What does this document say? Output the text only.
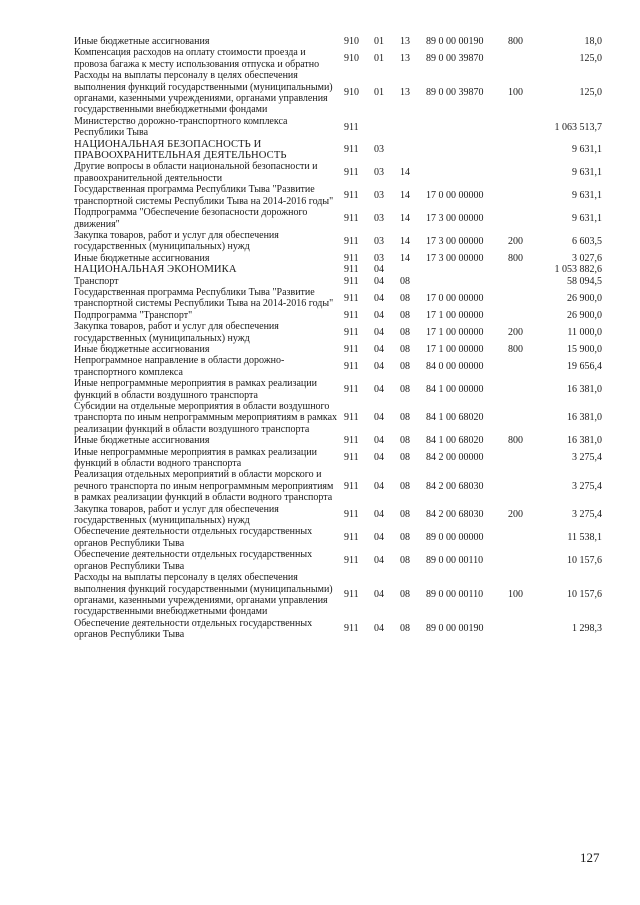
Иные бюджетные ассигнования	910	01	13	89 0 00 00190	800	18,0
Компенсация расходов на оплату стоимости проезда и провоза багажа к месту использования отпуска и обратно	910	01	13	89 0 00 39870		125,0
Расходы на выплаты персоналу в целях обеспечения выполнения функций государственными (муниципальными) органами, казенными учреждениями, органами управления государственными внебюджетными фондами	910	01	13	89 0 00 39870	100	125,0
Министерство дорожно-транспортного комплекса Республики Тыва	911					1 063 513,7
НАЦИОНАЛЬНАЯ БЕЗОПАСНОСТЬ И ПРАВООХРАНИТЕЛЬНАЯ ДЕЯТЕЛЬНОСТЬ	911	03				9 631,1
Другие вопросы в области национальной безопасности и правоохранительной деятельности	911	03	14			9 631,1
Государственная программа Республики Тыва "Развитие транспортной системы Республики Тыва на 2014-2016 годы"	911	03	14	17 0 00 00000		9 631,1
Подпрограмма "Обеспечение безопасности дорожного движения"	911	03	14	17 3 00 00000		9 631,1
Закупка товаров, работ и услуг для обеспечения государственных (муниципальных) нужд	911	03	14	17 3 00 00000	200	6 603,5
Иные бюджетные ассигнования	911	03	14	17 3 00 00000	800	3 027,6
НАЦИОНАЛЬНАЯ ЭКОНОМИКА	911	04				1 053 882,6
Транспорт	911	04	08			58 094,5
Государственная программа Республики Тыва "Развитие транспортной системы Республики Тыва на 2014-2016 годы"	911	04	08	17 0 00 00000		26 900,0
Подпрограмма "Транспорт"	911	04	08	17 1 00 00000		26 900,0
Закупка товаров, работ и услуг для обеспечения государственных (муниципальных) нужд	911	04	08	17 1 00 00000	200	11 000,0
Иные бюджетные ассигнования	911	04	08	17 1 00 00000	800	15 900,0
Непрограммное направление в области дорожно-транспортного комплекса	911	04	08	84 0 00 00000		19 656,4
Иные непрограммные мероприятия в рамках реализации функций в области воздушного транспорта	911	04	08	84 1 00 00000		16 381,0
Субсидии на отдельные мероприятия в области воздушного транспорта по иным непрограммным мероприятиям в рамках реализации функций в области воздушного транспорта	911	04	08	84 1 00 68020		16 381,0
Иные бюджетные ассигнования	911	04	08	84 1 00 68020	800	16 381,0
Иные непрограммные мероприятия в рамках реализации функций в области водного транспорта	911	04	08	84 2 00 00000		3 275,4
Реализация отдельных мероприятий в области морского и речного транспорта по иным непрограммным мероприятиям в рамках реализации функций в области водного транспорта	911	04	08	84 2 00 68030		3 275,4
Закупка товаров, работ и услуг для обеспечения государственных (муниципальных) нужд	911	04	08	84 2 00 68030	200	3 275,4
Обеспечение деятельности отдельных государственных органов Республики Тыва	911	04	08	89 0 00 00000		11 538,1
Обеспечение деятельности отдельных государственных органов Республики Тыва	911	04	08	89 0 00 00110		10 157,6
Расходы на выплаты персоналу в целях обеспечения выполнения функций государственными (муниципальными) органами, казенными учреждениями, органами управления государственными внебюджетными фондами	911	04	08	89 0 00 00110	100	10 157,6
Обеспечение деятельности отдельных государственных органов Республики Тыва	911	04	08	89 0 00 00190		1 298,3
127
